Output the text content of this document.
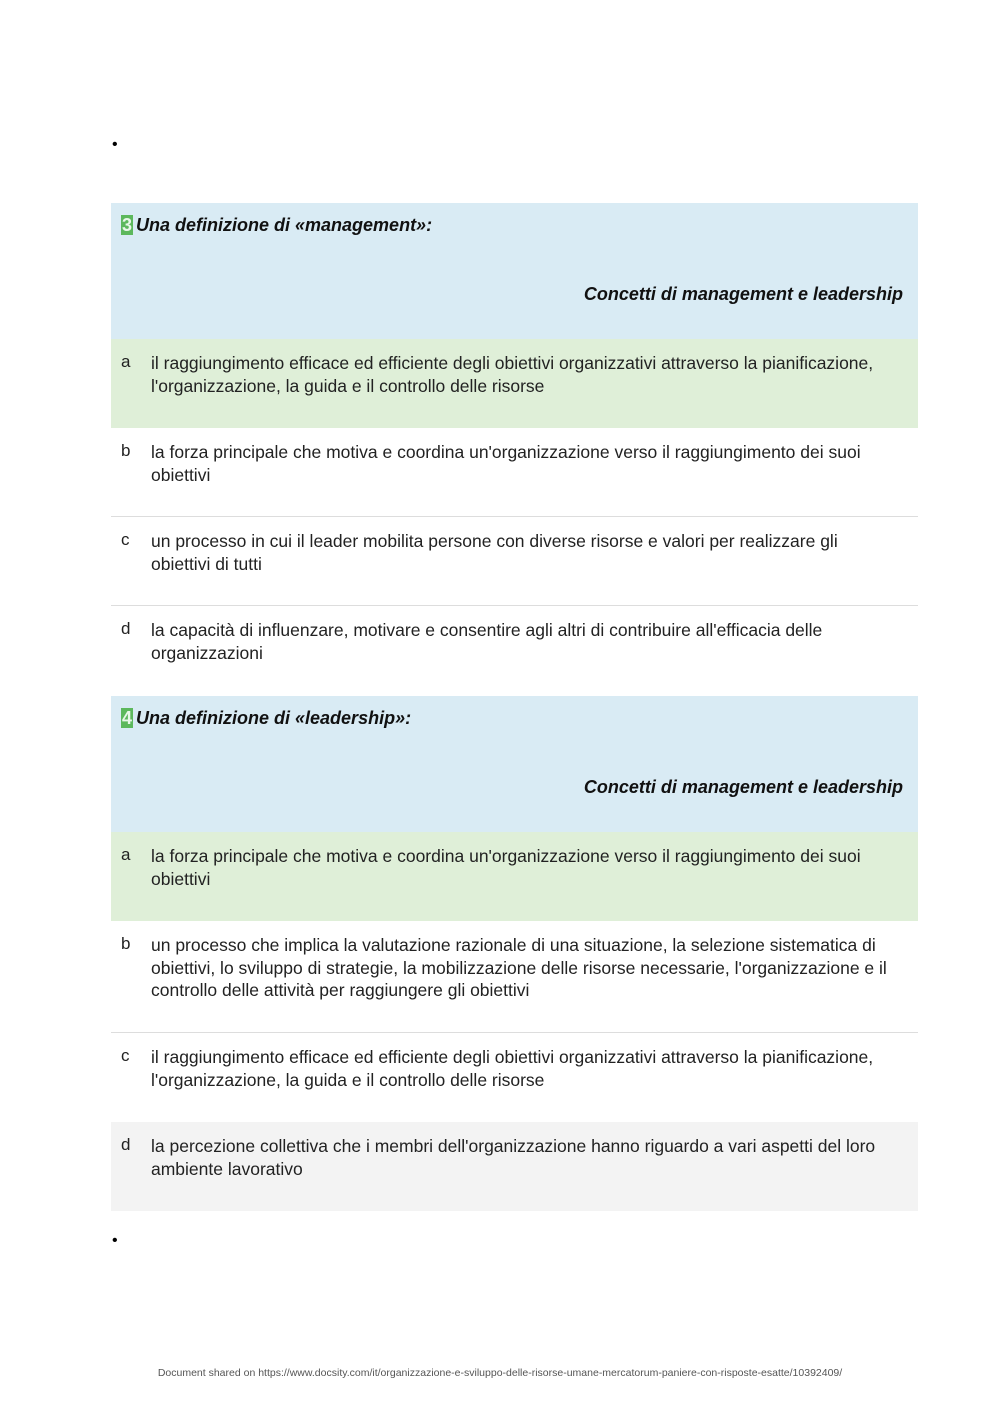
•
3 Una definizione di «management»:
Concetti di management e leadership
a il raggiungimento efficace ed efficiente degli obiettivi organizzativi attraverso la pianificazione, l'organizzazione, la guida e il controllo delle risorse
b la forza principale che motiva e coordina un'organizzazione verso il raggiungimento dei suoi obiettivi
c un processo in cui il leader mobilita persone con diverse risorse e valori per realizzare gli obiettivi di tutti
d la capacità di influenzare, motivare e consentire agli altri di contribuire all'efficacia delle organizzazioni
4 Una definizione di «leadership»:
Concetti di management e leadership
a la forza principale che motiva e coordina un'organizzazione verso il raggiungimento dei suoi obiettivi
b un processo che implica la valutazione razionale di una situazione, la selezione sistematica di obiettivi, lo sviluppo di strategie, la mobilizzazione delle risorse necessarie, l'organizzazione e il controllo delle attività per raggiungere gli obiettivi
c il raggiungimento efficace ed efficiente degli obiettivi organizzativi attraverso la pianificazione, l'organizzazione, la guida e il controllo delle risorse
d la percezione collettiva che i membri dell'organizzazione hanno riguardo a vari aspetti del loro ambiente lavorativo
•
Document shared on https://www.docsity.com/it/organizzazione-e-sviluppo-delle-risorse-umane-mercatorum-paniere-con-risposte-esatte/10392409/
